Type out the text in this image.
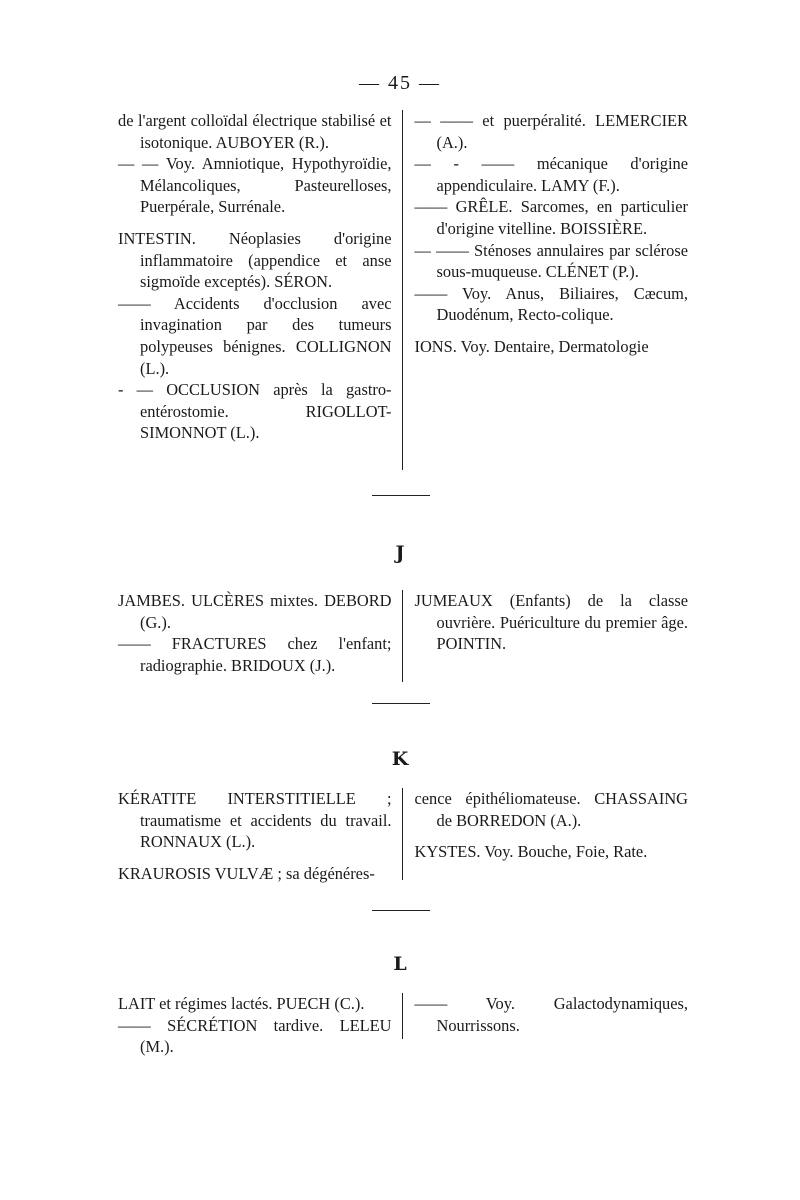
— 45 —

de l'argent colloïdal électrique stabilisé et isotonique. AUBOYER (R.).

— — Voy. Amniotique, Hypothyroïdie, Mélancoliques, Pasteurelloses, Puerpérale, Surrénale.

INTESTIN. Néoplasies d'origine inflammatoire (appendice et anse sigmoïde exceptés). SÉRON.

—— Accidents d'occlusion avec invagination par des tumeurs polypeuses bénignes. COLLIGNON (L.).

- — OCCLUSION après la gastro-entérostomie. RIGOLLOT-SIMONNOT (L.).

— —— et puerpéralité. LEMERCIER (A.).

— - —— mécanique d'origine appendiculaire. LAMY (F.).

—— GRÊLE. Sarcomes, en particulier d'origine vitelline. BOISSIÈRE.

— —— Sténoses annulaires par sclérose sous-muqueuse. CLÉNET (P.).

—— Voy. Anus, Biliaires, Cæcum, Duodénum, Recto-colique.

IONS. Voy. Dentaire, Dermatologie

J

JAMBES. ULCÈRES mixtes. DEBORD (G.).

—— FRACTURES chez l'enfant; radiographie. BRIDOUX (J.).

JUMEAUX (Enfants) de la classe ouvrière. Puériculture du premier âge. POINTIN.

K

KÉRATITE INTERSTITIELLE ; traumatisme et accidents du travail. RONNAUX (L.).

KRAUROSIS VULVÆ ; sa dégénéres-

cence épithéliomateuse. CHASSAING de BORREDON (A.).

KYSTES. Voy. Bouche, Foie, Rate.

L

LAIT et régimes lactés. PUECH (C.).

—— SÉCRÉTION tardive. LELEU (M.).

—— Voy. Galactodynamiques, Nourrissons.
